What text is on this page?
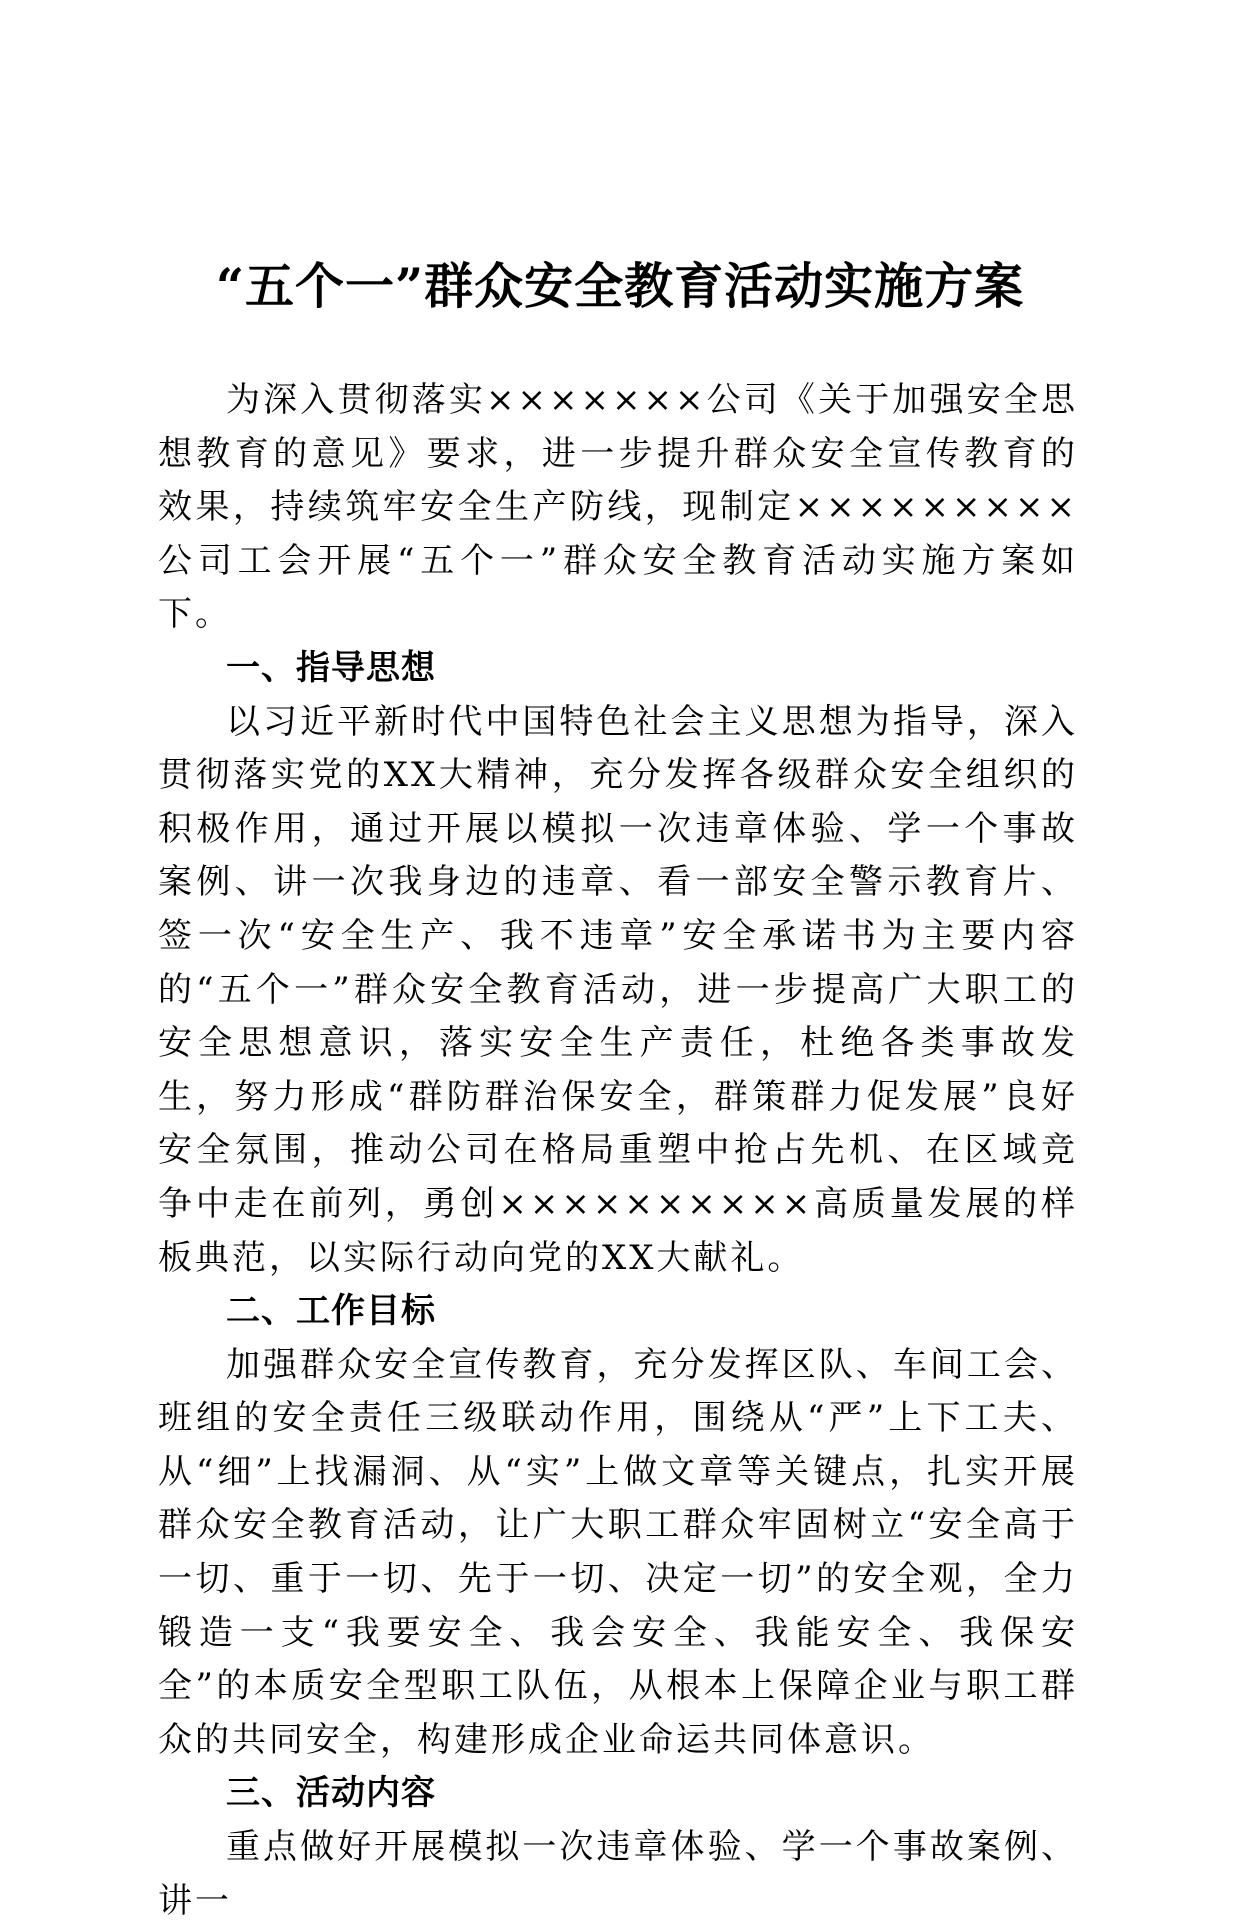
“五个一”群众安全教育活动实施方案

为深入贯彻落实×××××××公司《关于加强安全思想教育的意见》要求，进一步提升群众安全宣传教育的效果，持续筑牢安全生产防线，现制定×××××××××公司工会开展“五个一”群众安全教育活动实施方案如下。

一、指导思想

以习近平新时代中国特色社会主义思想为指导，深入贯彻落实党的XX大精神，充分发挥各级群众安全组织的积极作用，通过开展以模拟一次违章体验、学一个事故案例、讲一次我身边的违章、看一部安全警示教育片、签一次“安全生产、我不违章”安全承诺书为主要内容的“五个一”群众安全教育活动，进一步提高广大职工的安全思想意识，落实安全生产责任，杜绝各类事故发生，努力形成“群防群治保安全，群策群力促发展”良好安全氛围，推动公司在格局重塑中抢占先机、在区域竞争中走在前列，勇创××××××××××高质量发展的样板典范，以实际行动向党的XX大献礼。

二、工作目标

加强群众安全宣传教育，充分发挥区队、车间工会、班组的安全责任三级联动作用，围绕从“严”上下工夫、从“细”上找漏洞、从“实”上做文章等关键点，扎实开展群众安全教育活动，让广大职工群众牢固树立“安全高于一切、重于一切、先于一切、决定一切”的安全观，全力锻造一支“我要安全、我会安全、我能安全、我保安全”的本质安全型职工队伍，从根本上保障企业与职工群众的共同安全，构建形成企业命运共同体意识。

三、活动内容

重点做好开展模拟一次违章体验、学一个事故案例、讲一
